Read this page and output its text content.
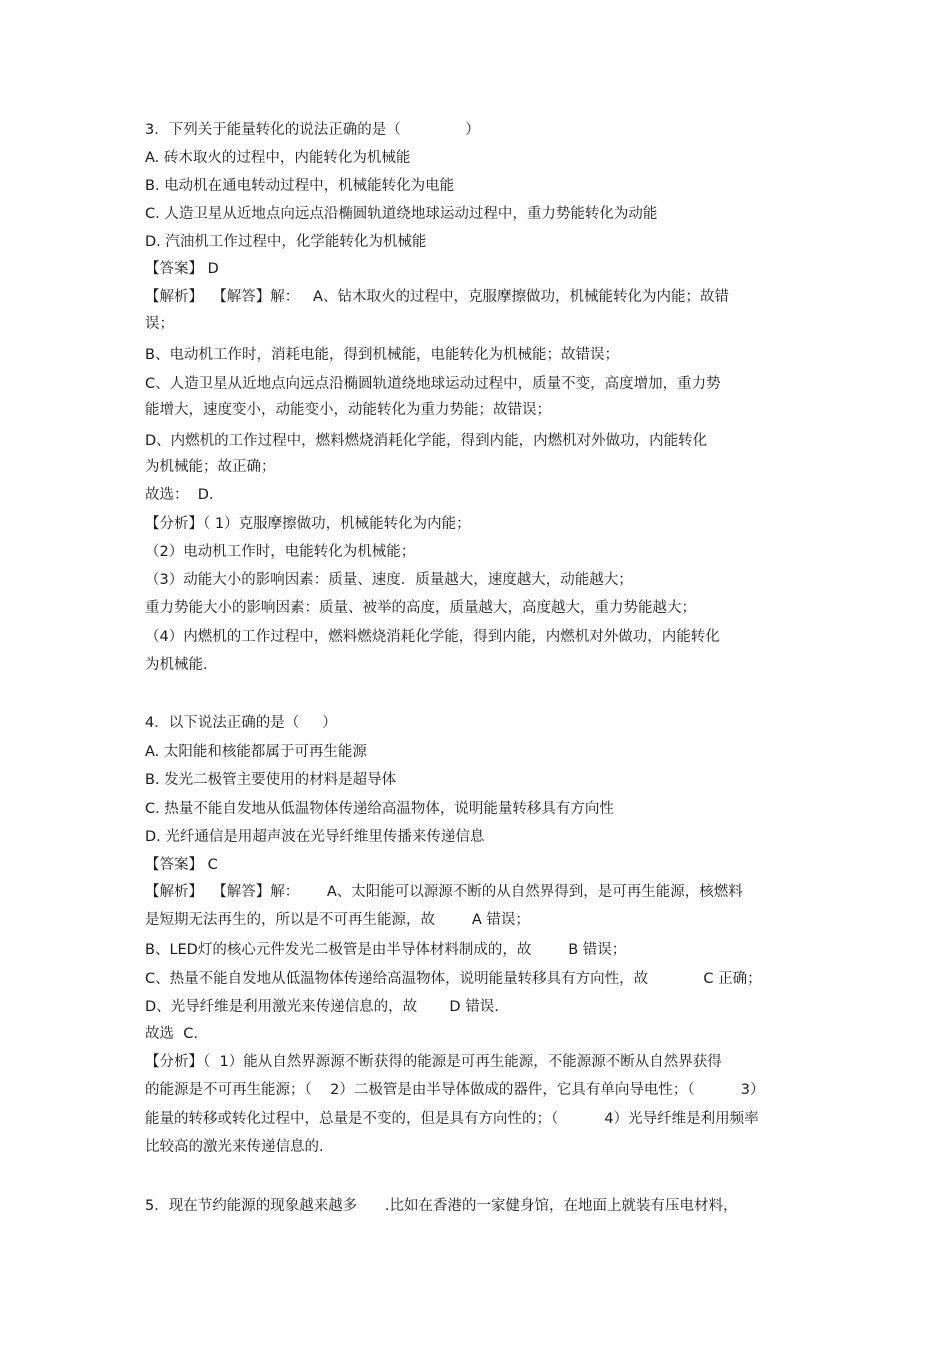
3．下列关于能量转化的说法正确的是（              ）
A. 砖木取火的过程中，内能转化为机械能
B. 电动机在通电转动过程中，机械能转化为电能
C. 人造卫星从近地点向远点沿椭圆轨道绕地球运动过程中，重力势能转化为动能
D. 汽油机工作过程中，化学能转化为机械能
【答案】 D
【解析】  【解答】解：   A、钻木取火的过程中，克服摩擦做功，机械能转化为内能；故错
误；
B、电动机工作时，消耗电能，得到机械能，电能转化为机械能；故错误；
C、人造卫星从近地点向远点沿椭圆轨道绕地球运动过程中，质量不变，高度增加，重力势
能增大，速度变小，动能变小，动能转化为重力势能；故错误；
D、内燃机的工作过程中，燃料燃烧消耗化学能，得到内能，内燃机对外做功，内能转化
为机械能；故正确；
故选：  D.
【分析】（ 1）克服摩擦做功，机械能转化为内能；
（2）电动机工作时，电能转化为机械能；
（3）动能大小的影响因素：质量、速度．质量越大，速度越大，动能越大；
重力势能大小的影响因素：质量、被举的高度，质量越大，高度越大，重力势能越大；
（4）内燃机的工作过程中，燃料燃烧消耗化学能，得到内能，内燃机对外做功，内能转化
为机械能.
4．以下说法正确的是（     ）
A. 太阳能和核能都属于可再生能源
B. 发光二极管主要使用的材料是超导体
C. 热量不能自发地从低温物体传递给高温物体，说明能量转移具有方向性
D. 光纤通信是用超声波在光导纤维里传播来传递信息
【答案】 C
【解析】  【解答】解：      A、太阳能可以源源不断的从自然界得到，是可再生能源，核燃料
是短期无法再生的，所以是不可再生能源，故        A 错误；
B、LED灯的核心元件发光二极管是由半导体材料制成的，故        B 错误；
C、热量不能自发地从低温物体传递给高温物体，说明能量转移具有方向性，故            C 正确；
D、光导纤维是利用激光来传递信息的，故       D 错误.
故选  C.
【分析】（  1）能从自然界源源不断获得的能源是可再生能源，不能源源不断从自然界获得
的能源是不可再生能源；（    2）二极管是由半导体做成的器件，它具有单向导电性；（          3）
能量的转移或转化过程中，总量是不变的，但是具有方向性的；（          4）光导纤维是利用频率
比较高的激光来传递信息的.
5．现在节约能源的现象越来越多      .比如在香港的一家健身馆，在地面上就装有压电材料，
